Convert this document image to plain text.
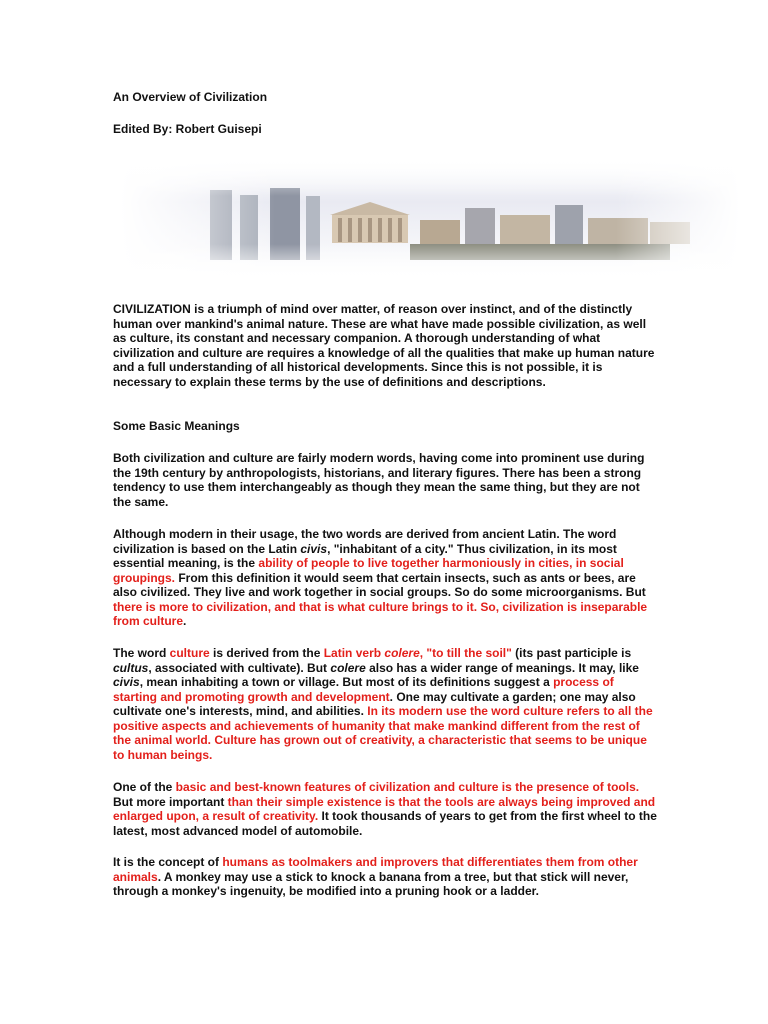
An Overview of Civilization
Edited By: Robert Guisepi

CIVILIZATION is a triumph of mind over matter, of reason over instinct, and of the distinctly human over mankind's animal nature. These are what have made possible civilization, as well as culture, its constant and necessary companion. A thorough understanding of what civilization and culture are requires a knowledge of all the qualities that make up human nature and a full understanding of all historical developments. Since this is not possible, it is necessary to explain these terms by the use of definitions and descriptions.

Some Basic Meanings

Both civilization and culture are fairly modern words, having come into prominent use during the 19th century by anthropologists, historians, and literary figures. There has been a strong tendency to use them interchangeably as though they mean the same thing, but they are not the same.

Although modern in their usage, the two words are derived from ancient Latin. The word civilization is based on the Latin civis, "inhabitant of a city." Thus civilization, in its most essential meaning, is the ability of people to live together harmoniously in cities, in social groupings. From this definition it would seem that certain insects, such as ants or bees, are also civilized. They live and work together in social groups. So do some microorganisms. But there is more to civilization, and that is what culture brings to it. So, civilization is inseparable from culture.

The word culture is derived from the Latin verb colere, "to till the soil" (its past participle is cultus, associated with cultivate). But colere also has a wider range of meanings. It may, like civis, mean inhabiting a town or village. But most of its definitions suggest a process of starting and promoting growth and development. One may cultivate a garden; one may also cultivate one's interests, mind, and abilities. In its modern use the word culture refers to all the positive aspects and achievements of humanity that make mankind different from the rest of the animal world. Culture has grown out of creativity, a characteristic that seems to be unique to human beings.

One of the basic and best-known features of civilization and culture is the presence of tools. But more important than their simple existence is that the tools are always being improved and enlarged upon, a result of creativity. It took thousands of years to get from the first wheel to the latest, most advanced model of automobile.

It is the concept of humans as toolmakers and improvers that differentiates them from other animals. A monkey may use a stick to knock a banana from a tree, but that stick will never, through a monkey's ingenuity, be modified into a pruning hook or a ladder.
